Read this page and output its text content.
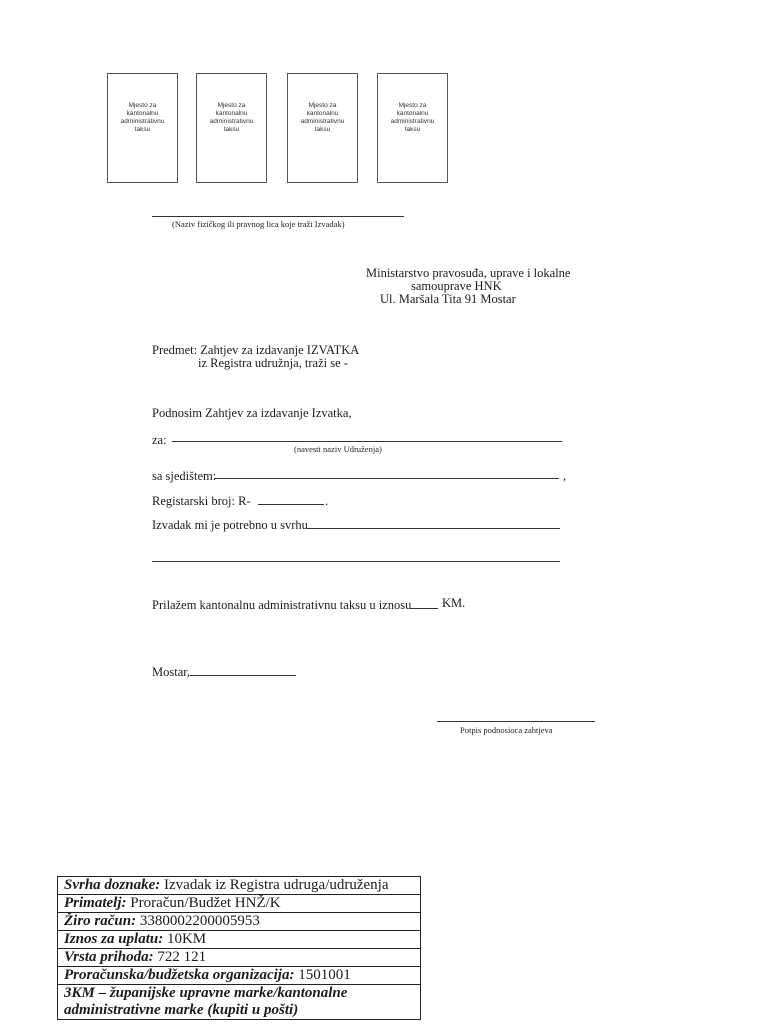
Mjesto za kantonalnu administrativnu taksu
Mjesto za kantonalnu administrativnu taksu
Mjesto za kantonalnu administrativnu taksu
Mjesto za kantonalnu administrativnu taksu
(Naziv fizičkog ili pravnog lica koje traži Izvadak)
Ministarstvo pravosuđa, uprave i lokalne
samouprave HNK
Ul. Maršala Tita 91 Mostar
Predmet: Zahtjev za izdavanje IZVATKA
iz Registra udružnja, traži se -
Podnosim Zahtjev za izdavanje Izvatka,
za:
(navesti naziv Udruženja)
sa sjedištem:	,
Registarski broj: R-	.
Izvadak mi je potrebno u svrhu
Prilažem kantonalnu administrativnu taksu u iznosu KM.
Mostar,
Potpis podnosioca zahtjeva
Svrha doznake: Izvadak iz Registra udruga/udruženja
Primatelj: Proračun/Budžet HNŽ/K
Žiro račun: 3380002200005953
Iznos za uplatu: 10KM
Vrsta prihoda: 722 121
Proračunska/budžetska organizacija: 1501001
3KM – županijske upravne marke/kantonalne administrativne marke (kupiti u pošti)
